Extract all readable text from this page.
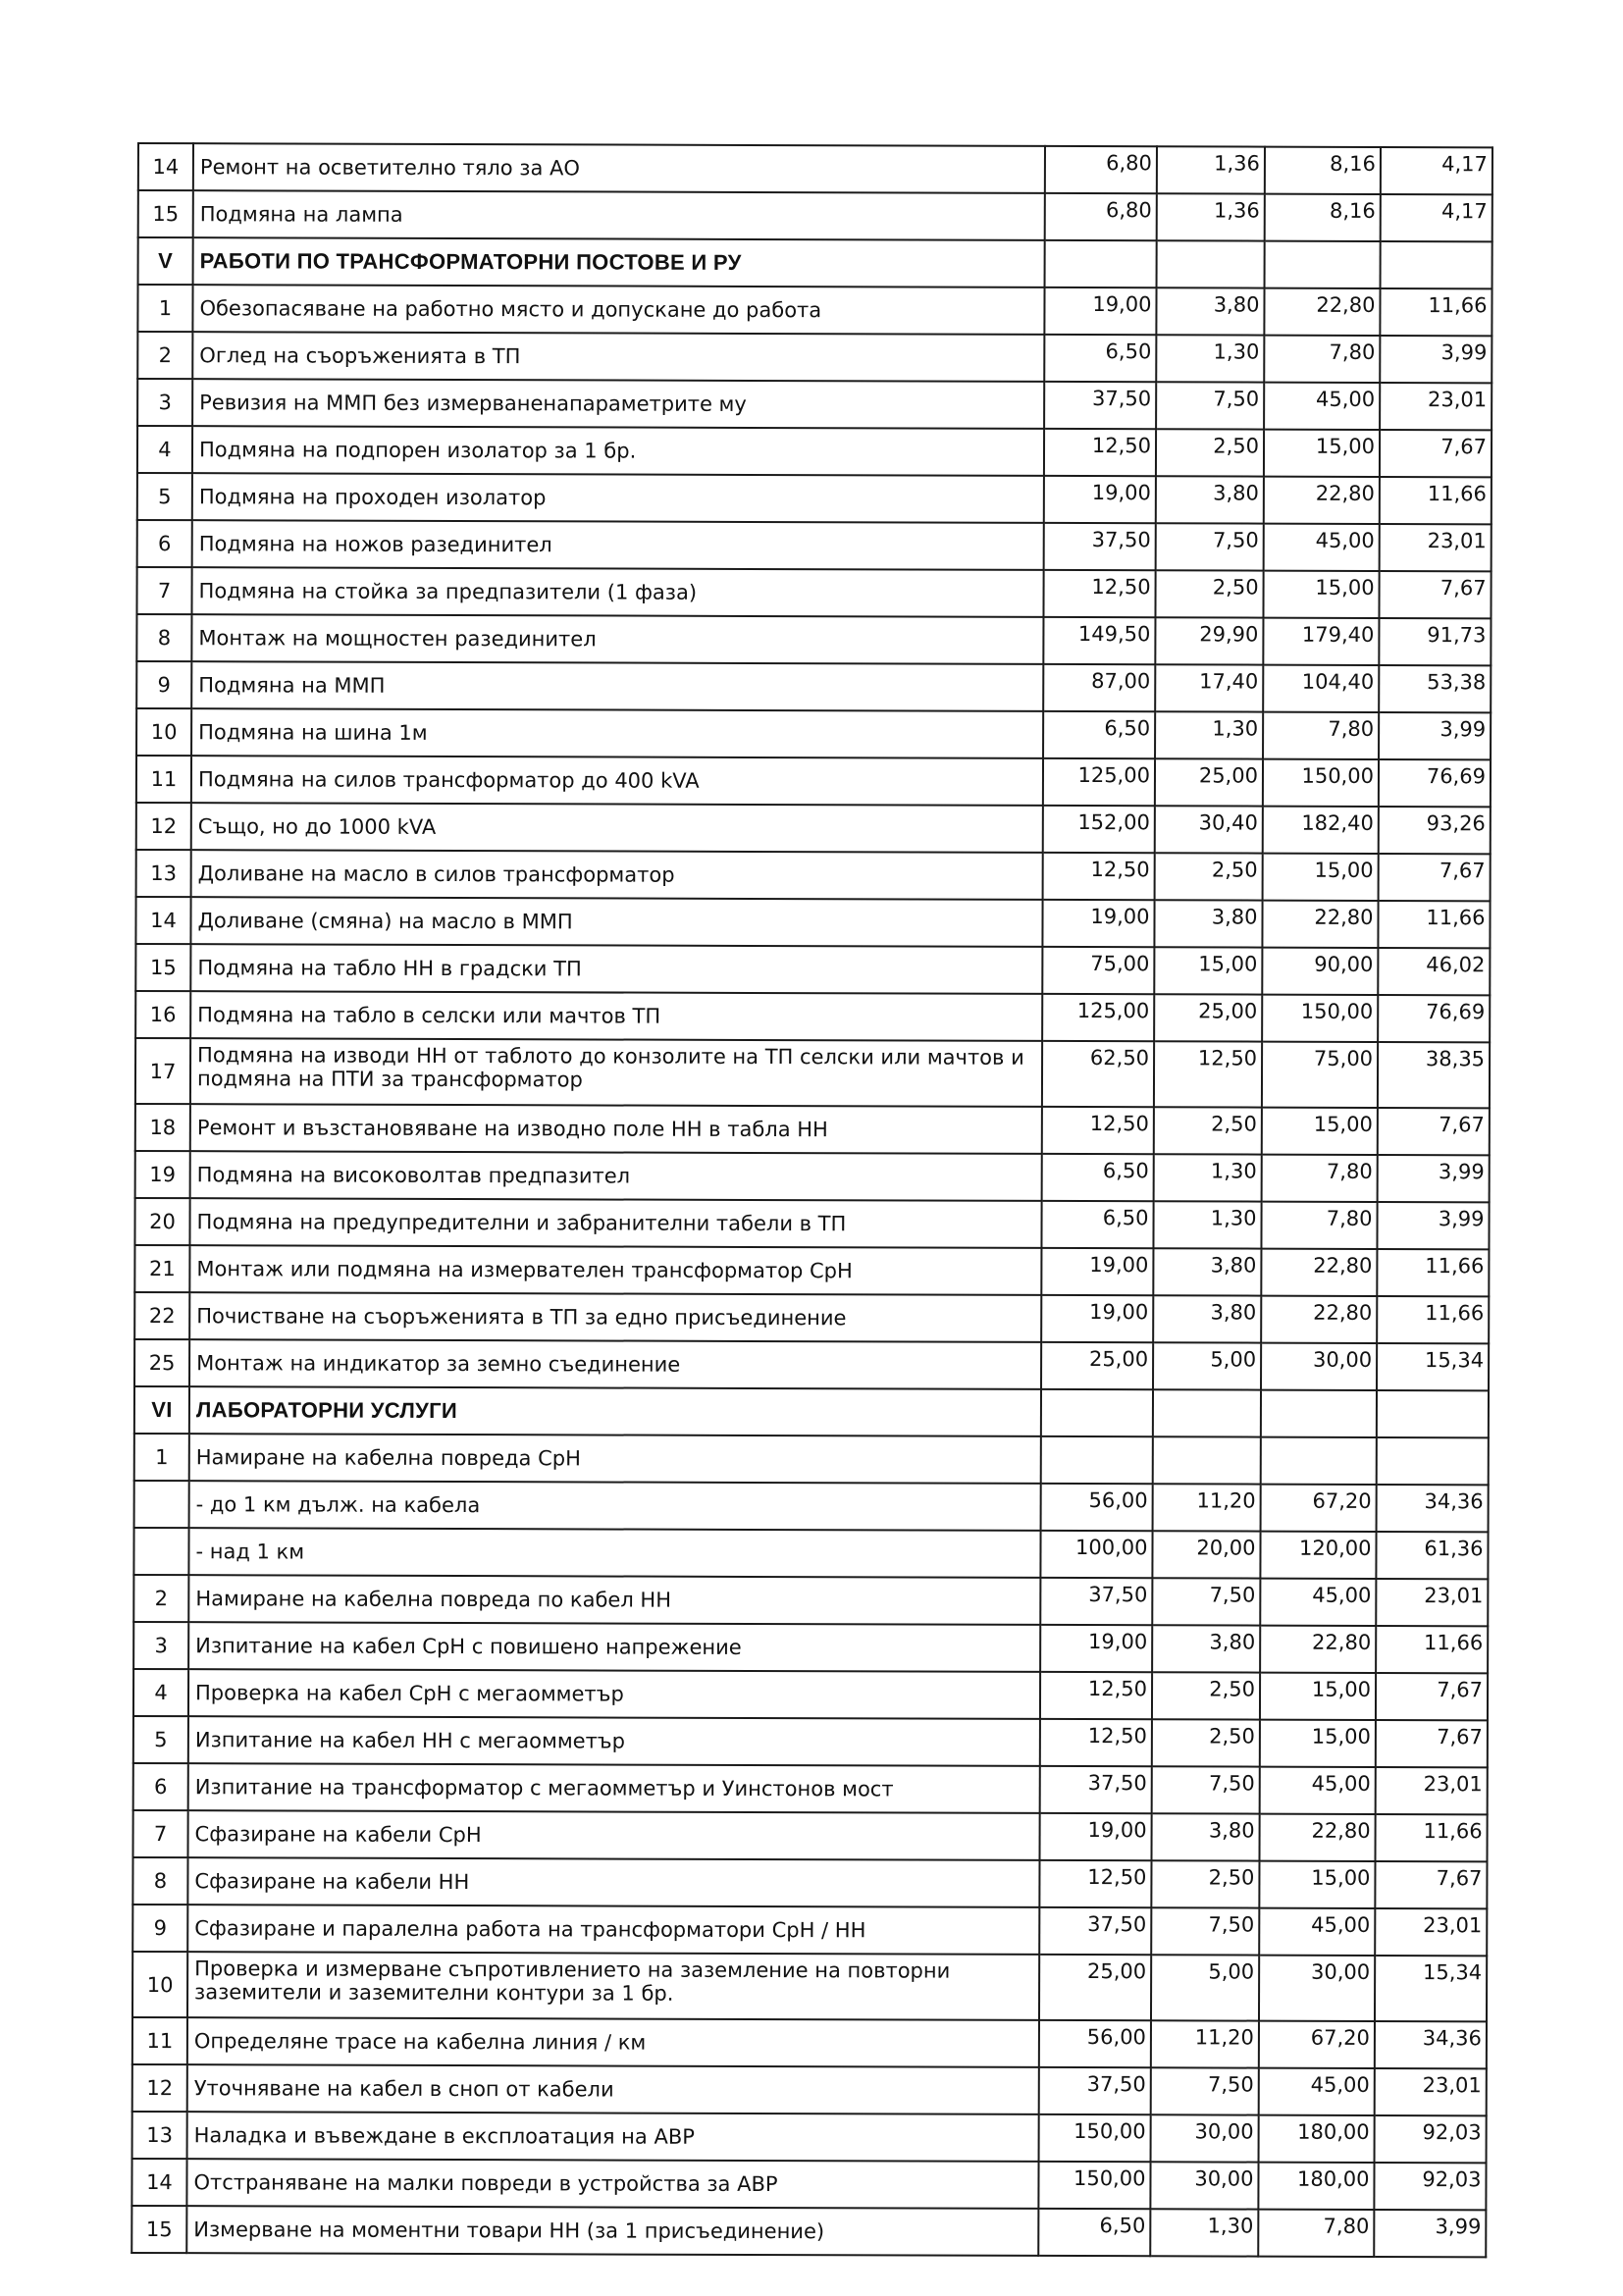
14	Ремонт на осветително тяло за АО	6,80	1,36	8,16	4,17
15	Подмяна на лампа	6,80	1,36	8,16	4,17
V	РАБОТИ ПО ТРАНСФОРМАТОРНИ ПОСТОВЕ И РУ				
1	Обезопасяване на работно място и допускане до работа	19,00	3,80	22,80	11,66
2	Оглед на съоръженията в ТП	6,50	1,30	7,80	3,99
3	Ревизия на ММП без измерваненапараметрите му	37,50	7,50	45,00	23,01
4	Подмяна на подпорен изолатор за 1 бр.	12,50	2,50	15,00	7,67
5	Подмяна на проходен изолатор	19,00	3,80	22,80	11,66
6	Подмяна на ножов разединител	37,50	7,50	45,00	23,01
7	Подмяна на стойка за предпазители (1 фаза)	12,50	2,50	15,00	7,67
8	Монтаж на мощностен разединител	149,50	29,90	179,40	91,73
9	Подмяна на ММП	87,00	17,40	104,40	53,38
10	Подмяна на шина 1м	6,50	1,30	7,80	3,99
11	Подмяна на силов трансформатор до 400 kVA	125,00	25,00	150,00	76,69
12	Също, но до 1000 kVA	152,00	30,40	182,40	93,26
13	Доливане на масло в силов трансформатор	12,50	2,50	15,00	7,67
14	Доливане (смяна) на масло в ММП	19,00	3,80	22,80	11,66
15	Подмяна на табло НН в градски ТП	75,00	15,00	90,00	46,02
16	Подмяна на табло в селски или мачтов ТП	125,00	25,00	150,00	76,69
17	Подмяна на изводи НН от таблото до конзолите на ТП селски или мачтов и подмяна на ПТИ за трансформатор	62,50	12,50	75,00	38,35
18	Ремонт и възстановяване на изводно поле НН в табла НН	12,50	2,50	15,00	7,67
19	Подмяна на високоволтав предпазител	6,50	1,30	7,80	3,99
20	Подмяна на предупредителни и забранителни табели в ТП	6,50	1,30	7,80	3,99
21	Монтаж или подмяна на измервателен трансформатор СрН	19,00	3,80	22,80	11,66
22	Почистване на съоръженията в ТП за едно присъединение	19,00	3,80	22,80	11,66
25	Монтаж на индикатор за земно съединение	25,00	5,00	30,00	15,34
VI	ЛАБОРАТОРНИ УСЛУГИ				
1	Намиране на кабелна повреда СрН				
	- до 1 км дълж. на кабела	56,00	11,20	67,20	34,36
	- над 1 км	100,00	20,00	120,00	61,36
2	Намиране на кабелна повреда по кабел НН	37,50	7,50	45,00	23,01
3	Изпитание на кабел СрН с повишено напрежение	19,00	3,80	22,80	11,66
4	Проверка на кабел СрН с мегаомметър	12,50	2,50	15,00	7,67
5	Изпитание на кабел НН с мегаомметър	12,50	2,50	15,00	7,67
6	Изпитание на трансформатор с мегаомметър и Уинстонов мост	37,50	7,50	45,00	23,01
7	Сфазиране на кабели СрН	19,00	3,80	22,80	11,66
8	Сфазиране на кабели НН	12,50	2,50	15,00	7,67
9	Сфазиране и паралелна работа на трансформатори СрН / НН	37,50	7,50	45,00	23,01
10	Проверка и измерване съпротивлението на заземление на повторни заземители и заземителни контури за 1 бр.	25,00	5,00	30,00	15,34
11	Определяне трасе на кабелна линия / км	56,00	11,20	67,20	34,36
12	Уточняване на кабел в сноп от кабели	37,50	7,50	45,00	23,01
13	Наладка и въвеждане в експлоатация на АВР	150,00	30,00	180,00	92,03
14	Отстраняване на малки повреди в устройства за АВР	150,00	30,00	180,00	92,03
15	Измерване на моментни товари НН (за 1 присъединение)	6,50	1,30	7,80	3,99
